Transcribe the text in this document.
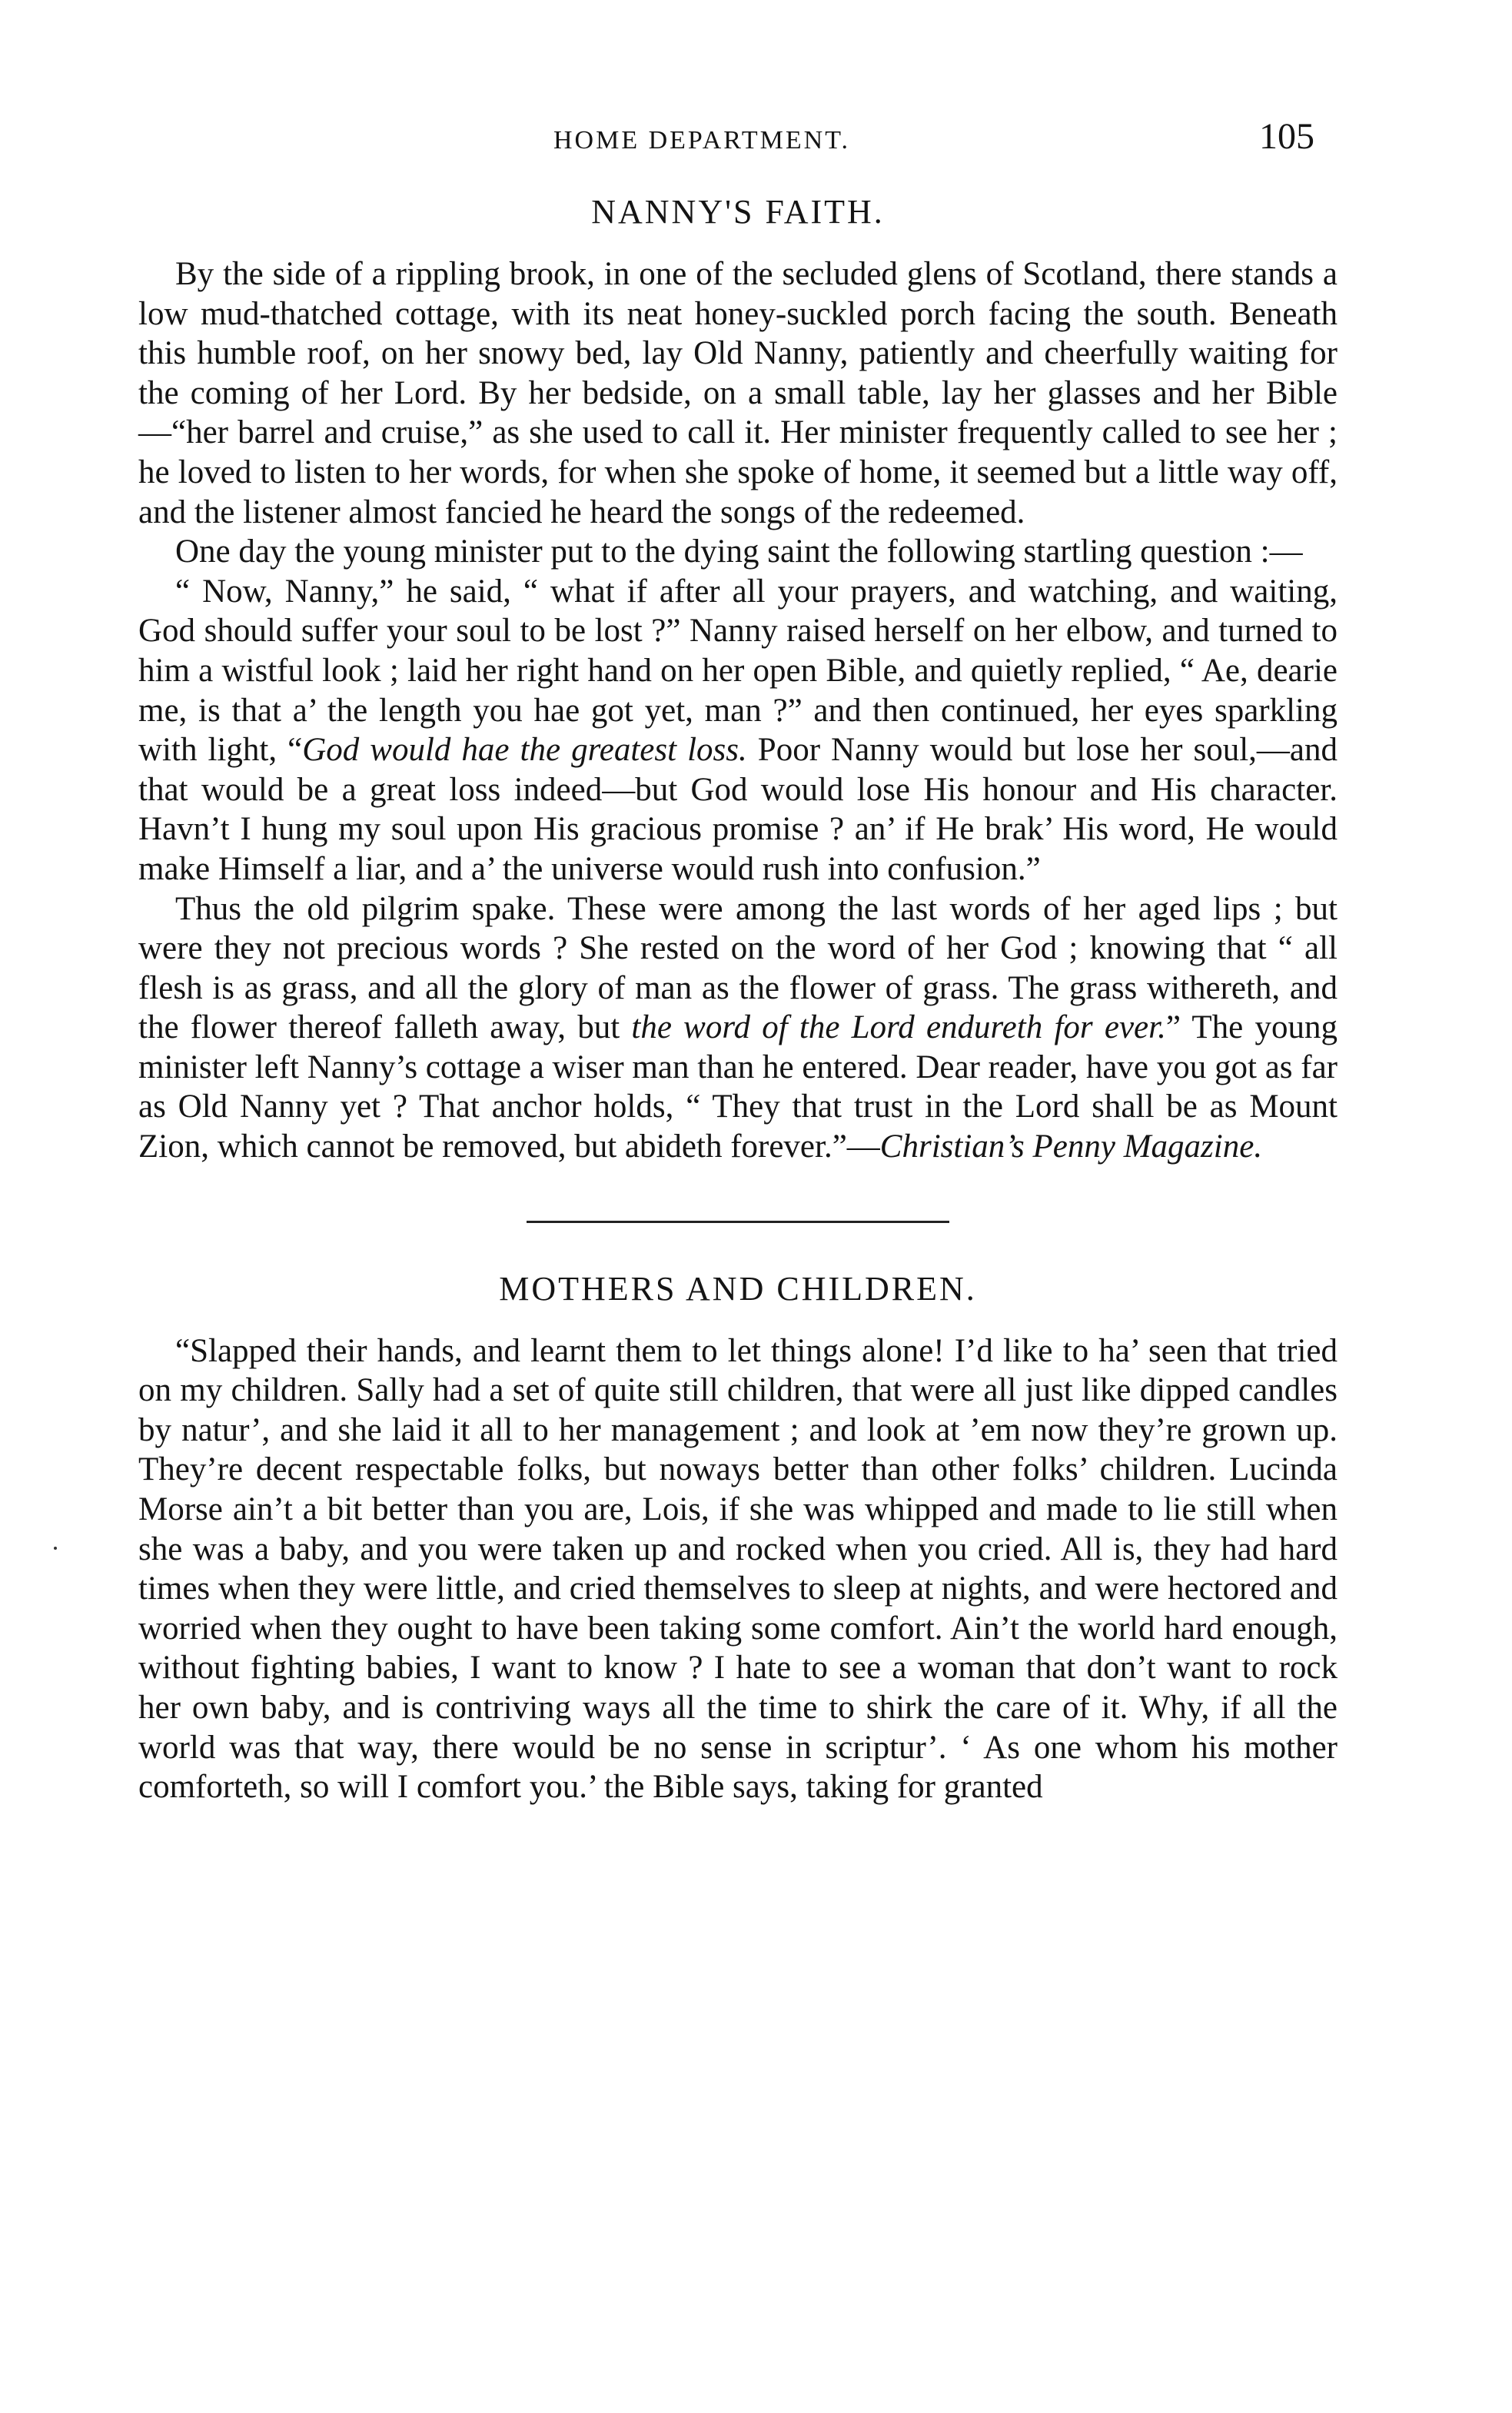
HOME DEPARTMENT.	105
NANNY'S FAITH.

By the side of a rippling brook, in one of the secluded glens of Scotland, there stands a low mud-thatched cottage, with its neat honey-suckled porch facing the south. Beneath this humble roof, on her snowy bed, lay Old Nanny, patiently and cheerfully waiting for the coming of her Lord. By her bedside, on a small table, lay her glasses and her Bible—“her barrel and cruise,” as she used to call it. Her minister frequently called to see her ; he loved to listen to her words, for when she spoke of home, it seemed but a little way off, and the listener almost fancied he heard the songs of the redeemed.

One day the young minister put to the dying saint the following startling question :—

“ Now, Nanny,” he said, “ what if after all your prayers, and watching, and waiting, God should suffer your soul to be lost ?” Nanny raised herself on her elbow, and turned to him a wistful look ; laid her right hand on her open Bible, and quietly replied, “ Ae, dearie me, is that a’ the length you hae got yet, man ?” and then continued, her eyes sparkling with light, “God would hae the greatest loss. Poor Nanny would but lose her soul,—and that would be a great loss indeed—but God would lose His honour and His character. Havn’t I hung my soul upon His gracious promise ? an’ if He brak’ His word, He would make Himself a liar, and a’ the universe would rush into confusion.”

Thus the old pilgrim spake. These were among the last words of her aged lips ; but were they not precious words ? She rested on the word of her God ; knowing that “ all flesh is as grass, and all the glory of man as the flower of grass. The grass withereth, and the flower thereof falleth away, but the word of the Lord endureth for ever.” The young minister left Nanny’s cottage a wiser man than he entered. Dear reader, have you got as far as Old Nanny yet ? That anchor holds, “ They that trust in the Lord shall be as Mount Zion, which cannot be removed, but abideth forever.”—Christian’s Penny Magazine.

MOTHERS AND CHILDREN.

“Slapped their hands, and learnt them to let things alone! I’d like to ha’ seen that tried on my children. Sally had a set of quite still children, that were all just like dipped candles by natur’, and she laid it all to her management ; and look at ’em now they’re grown up. They’re decent respectable folks, but noways better than other folks’ children. Lucinda Morse ain’t a bit better than you are, Lois, if she was whipped and made to lie still when she was a baby, and you were taken up and rocked when you cried. All is, they had hard times when they were little, and cried themselves to sleep at nights, and were hectored and worried when they ought to have been taking some comfort. Ain’t the world hard enough, without fighting babies, I want to know ? I hate to see a woman that don’t want to rock her own baby, and is contriving ways all the time to shirk the care of it. Why, if all the world was that way, there would be no sense in scriptur’. ‘ As one whom his mother comforteth, so will I comfort you.’ the Bible says, taking for granted
